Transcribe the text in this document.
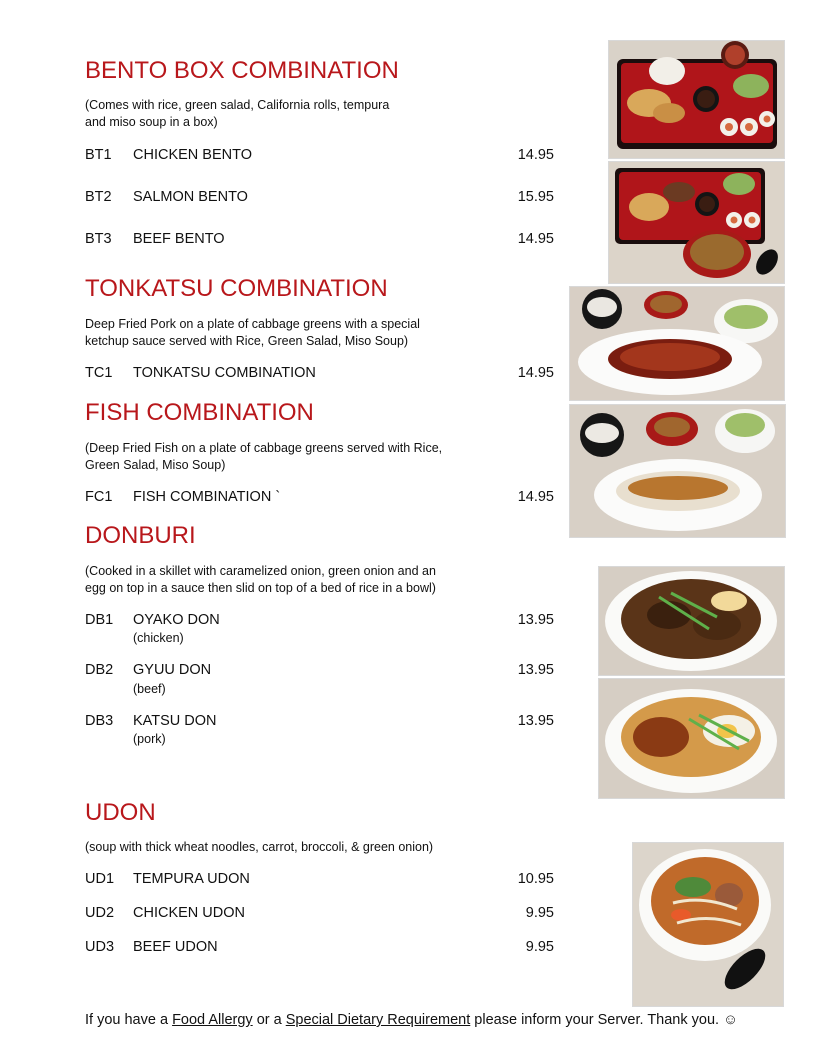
BENTO BOX COMBINATION
(Comes with rice, green salad, California rolls, tempura
and miso soup in a box)
BT1 CHICKEN BENTO	14.95
BT2 SALMON BENTO	15.95
BT3 BEEF BENTO	14.95
TONKATSU COMBINATION
Deep Fried Pork on a plate of cabbage greens with a special
ketchup sauce served with Rice, Green Salad, Miso Soup)
TC1 TONKATSU COMBINATION	14.95
FISH COMBINATION
(Deep Fried Fish on a plate of cabbage greens served with Rice,
Green Salad, Miso Soup)
FC1 FISH COMBINATION `	14.95
DONBURI
(Cooked in a skillet with caramelized onion, green onion and an
egg on top in a sauce then slid on top of a bed of rice in a bowl)
DB1 OYAKO DON
(chicken)
13.95
DB2 GYUU DON
(beef)
13.95
DB3 KATSU DON
(pork)
13.95
UDON
(soup with thick wheat noodles, carrot, broccoli, & green onion)
UD1 TEMPURA UDON	10.95
UD2 CHICKEN UDON	9.95
UD3 BEEF UDON	9.95
If you have a Food Allergy or a Special Dietary Requirement please inform your Server. Thank you. ☺
